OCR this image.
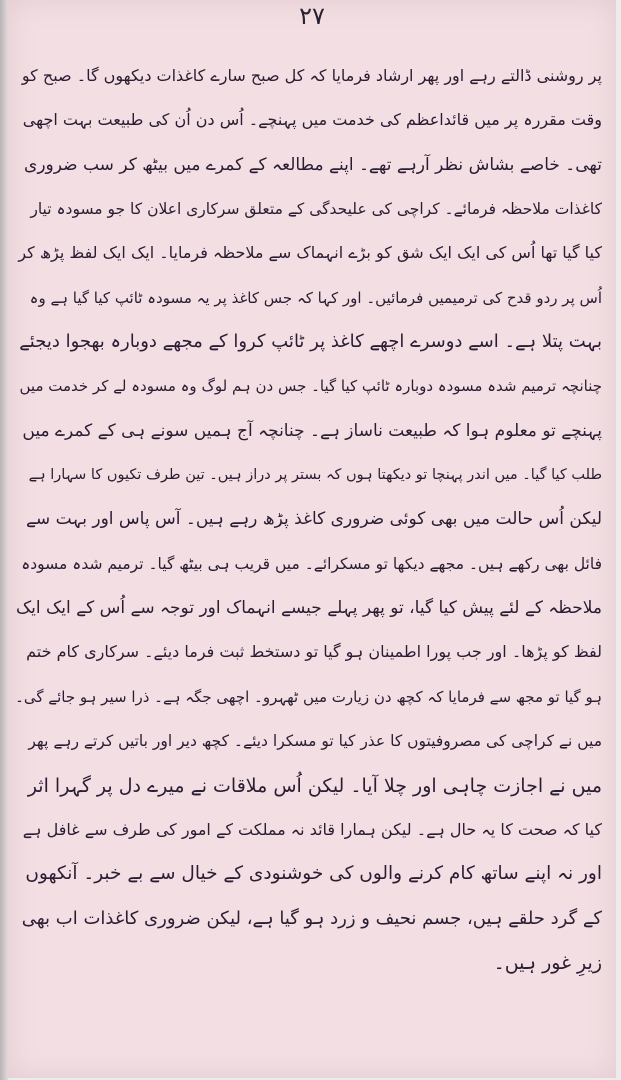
۲۷
پر روشنی ڈالتے رہے اور پھر ارشاد فرمایا کہ کل صبح سارے کاغذات دیکھوں گا۔ صبح کو
وقت مقررہ پر میں قائداعظم کی خدمت میں پہنچے۔ اُس دن اُن کی طبیعت بہت اچھی
تھی۔ خاصے بشاش نظر آرہے تھے۔ اپنے مطالعہ کے کمرے میں بیٹھ کر سب ضروری
کاغذات ملاحظہ فرمائے۔ کراچی کی علیحدگی کے متعلق سرکاری اعلان کا جو مسودہ تیار
کیا گیا تھا اُس کی ایک ایک شق کو بڑے انہماک سے ملاحظہ فرمایا۔ ایک ایک لفظ پڑھ کر
اُس پر ردو قدح کی ترمیمیں فرمائیں۔ اور کہا کہ جس کاغذ پر یہ مسودہ ٹائپ کیا گیا ہے وہ
بہت پتلا ہے۔ اسے دوسرے اچھے کاغذ پر ٹائپ کروا کے مجھے دوبارہ بھجوا دیجئے
چنانچہ ترمیم شدہ مسودہ دوبارہ ٹائپ کیا گیا۔ جس دن ہم لوگ وہ مسودہ لے کر خدمت میں
پہنچے تو معلوم ہوا کہ طبیعت ناساز ہے۔ چنانچہ آج ہمیں سونے ہی کے کمرے میں
طلب کیا گیا۔ میں اندر پہنچا تو دیکھتا ہوں کہ بستر پر دراز ہیں۔ تین طرف تکیوں کا سہارا ہے
لیکن اُس حالت میں بھی کوئی ضروری کاغذ پڑھ رہے ہیں۔ آس پاس اور بہت سے
فائل بھی رکھے ہیں۔ مجھے دیکھا تو مسکرائے۔ میں قریب ہی بیٹھ گیا۔ ترمیم شدہ مسودہ
ملاحظہ کے لئے پیش کیا گیا، تو پھر پہلے جیسے انہماک اور توجہ سے اُس کے ایک ایک
لفظ کو پڑھا۔ اور جب پورا اطمینان ہو گیا تو دستخط ثبت فرما دیئے۔ سرکاری کام ختم
ہو گیا تو مجھ سے فرمایا کہ کچھ دن زیارت میں ٹھہرو۔ اچھی جگہ ہے۔ ذرا سیر ہو جائے گی۔
میں نے کراچی کی مصروفیتوں کا عذر کیا تو مسکرا دیئے۔ کچھ دیر اور باتیں کرتے رہے پھر
میں نے اجازت چاہی اور چلا آیا۔ لیکن اُس ملاقات نے میرے دل پر گہرا اثر
کیا کہ صحت کا یہ حال ہے۔ لیکن ہمارا قائد نہ مملکت کے امور کی طرف سے غافل ہے
اور نہ اپنے ساتھ کام کرنے والوں کی خوشنودی کے خیال سے بے خبر۔ آنکھوں
کے گرد حلقے ہیں، جسم نحیف و زرد ہو گیا ہے، لیکن ضروری کاغذات اب بھی
زیرِ غور ہیں۔
